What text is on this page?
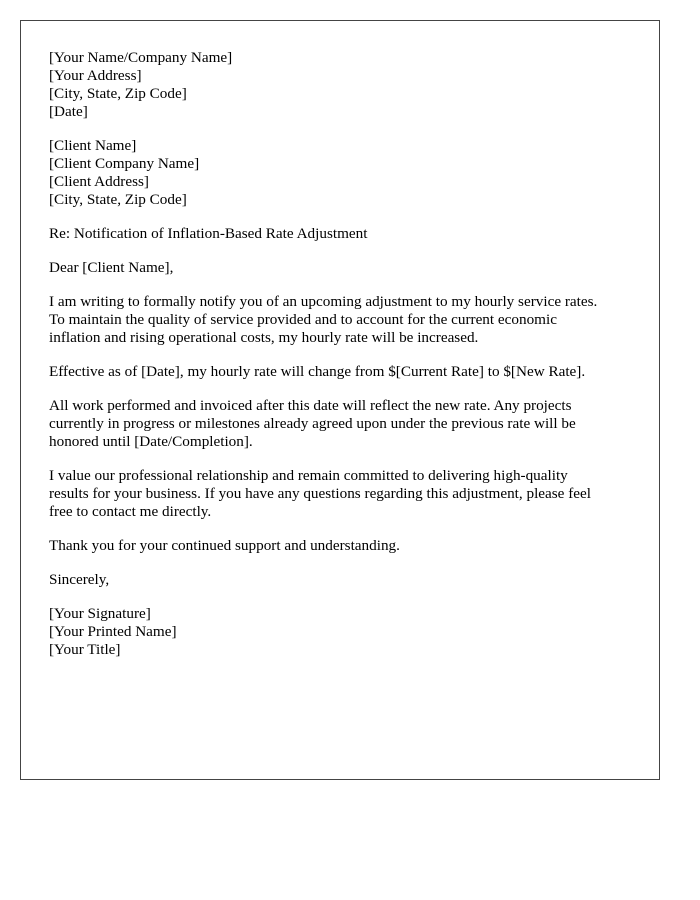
[Your Name/Company Name]
[Your Address]
[City, State, Zip Code]
[Date]
[Client Name]
[Client Company Name]
[Client Address]
[City, State, Zip Code]
Re: Notification of Inflation-Based Rate Adjustment
Dear [Client Name],
I am writing to formally notify you of an upcoming adjustment to my hourly service rates.
To maintain the quality of service provided and to account for the current economic
inflation and rising operational costs, my hourly rate will be increased.
Effective as of [Date], my hourly rate will change from $[Current Rate] to $[New Rate].
All work performed and invoiced after this date will reflect the new rate. Any projects
currently in progress or milestones already agreed upon under the previous rate will be
honored until [Date/Completion].
I value our professional relationship and remain committed to delivering high-quality
results for your business. If you have any questions regarding this adjustment, please feel
free to contact me directly.
Thank you for your continued support and understanding.
Sincerely,
[Your Signature]
[Your Printed Name]
[Your Title]
